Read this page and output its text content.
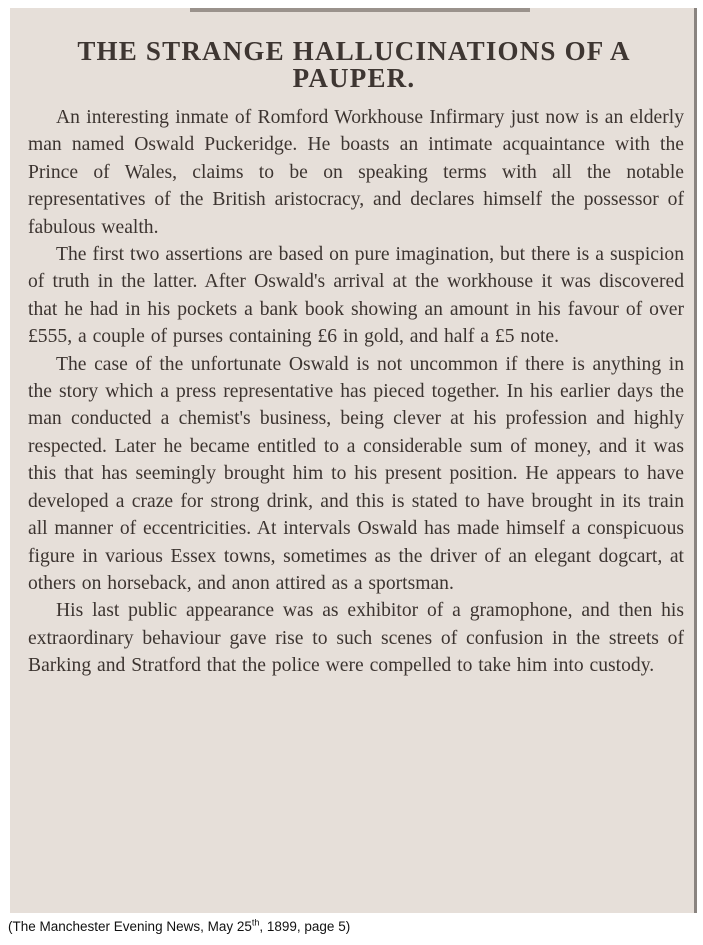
THE STRANGE HALLUCINATIONS OF A PAUPER.

An interesting inmate of Romford Workhouse Infirmary just now is an elderly man named Oswald Puckeridge. He boasts an intimate acquaintance with the Prince of Wales, claims to be on speaking terms with all the notable representatives of the British aristocracy, and declares himself the possessor of fabulous wealth.

The first two assertions are based on pure imagination, but there is a suspicion of truth in the latter. After Oswald's arrival at the workhouse it was discovered that he had in his pockets a bank book showing an amount in his favour of over £555, a couple of purses containing £6 in gold, and half a £5 note.

The case of the unfortunate Oswald is not uncommon if there is anything in the story which a press representative has pieced together. In his earlier days the man conducted a chemist's business, being clever at his profession and highly respected. Later he became entitled to a considerable sum of money, and it was this that has seemingly brought him to his present position. He appears to have developed a craze for strong drink, and this is stated to have brought in its train all manner of eccentricities. At intervals Oswald has made himself a conspicuous figure in various Essex towns, sometimes as the driver of an elegant dogcart, at others on horseback, and anon attired as a sportsman.

His last public appearance was as exhibitor of a gramophone, and then his extraordinary behaviour gave rise to such scenes of confusion in the streets of Barking and Stratford that the police were compelled to take him into custody.

(The Manchester Evening News, May 25th, 1899, page 5)
